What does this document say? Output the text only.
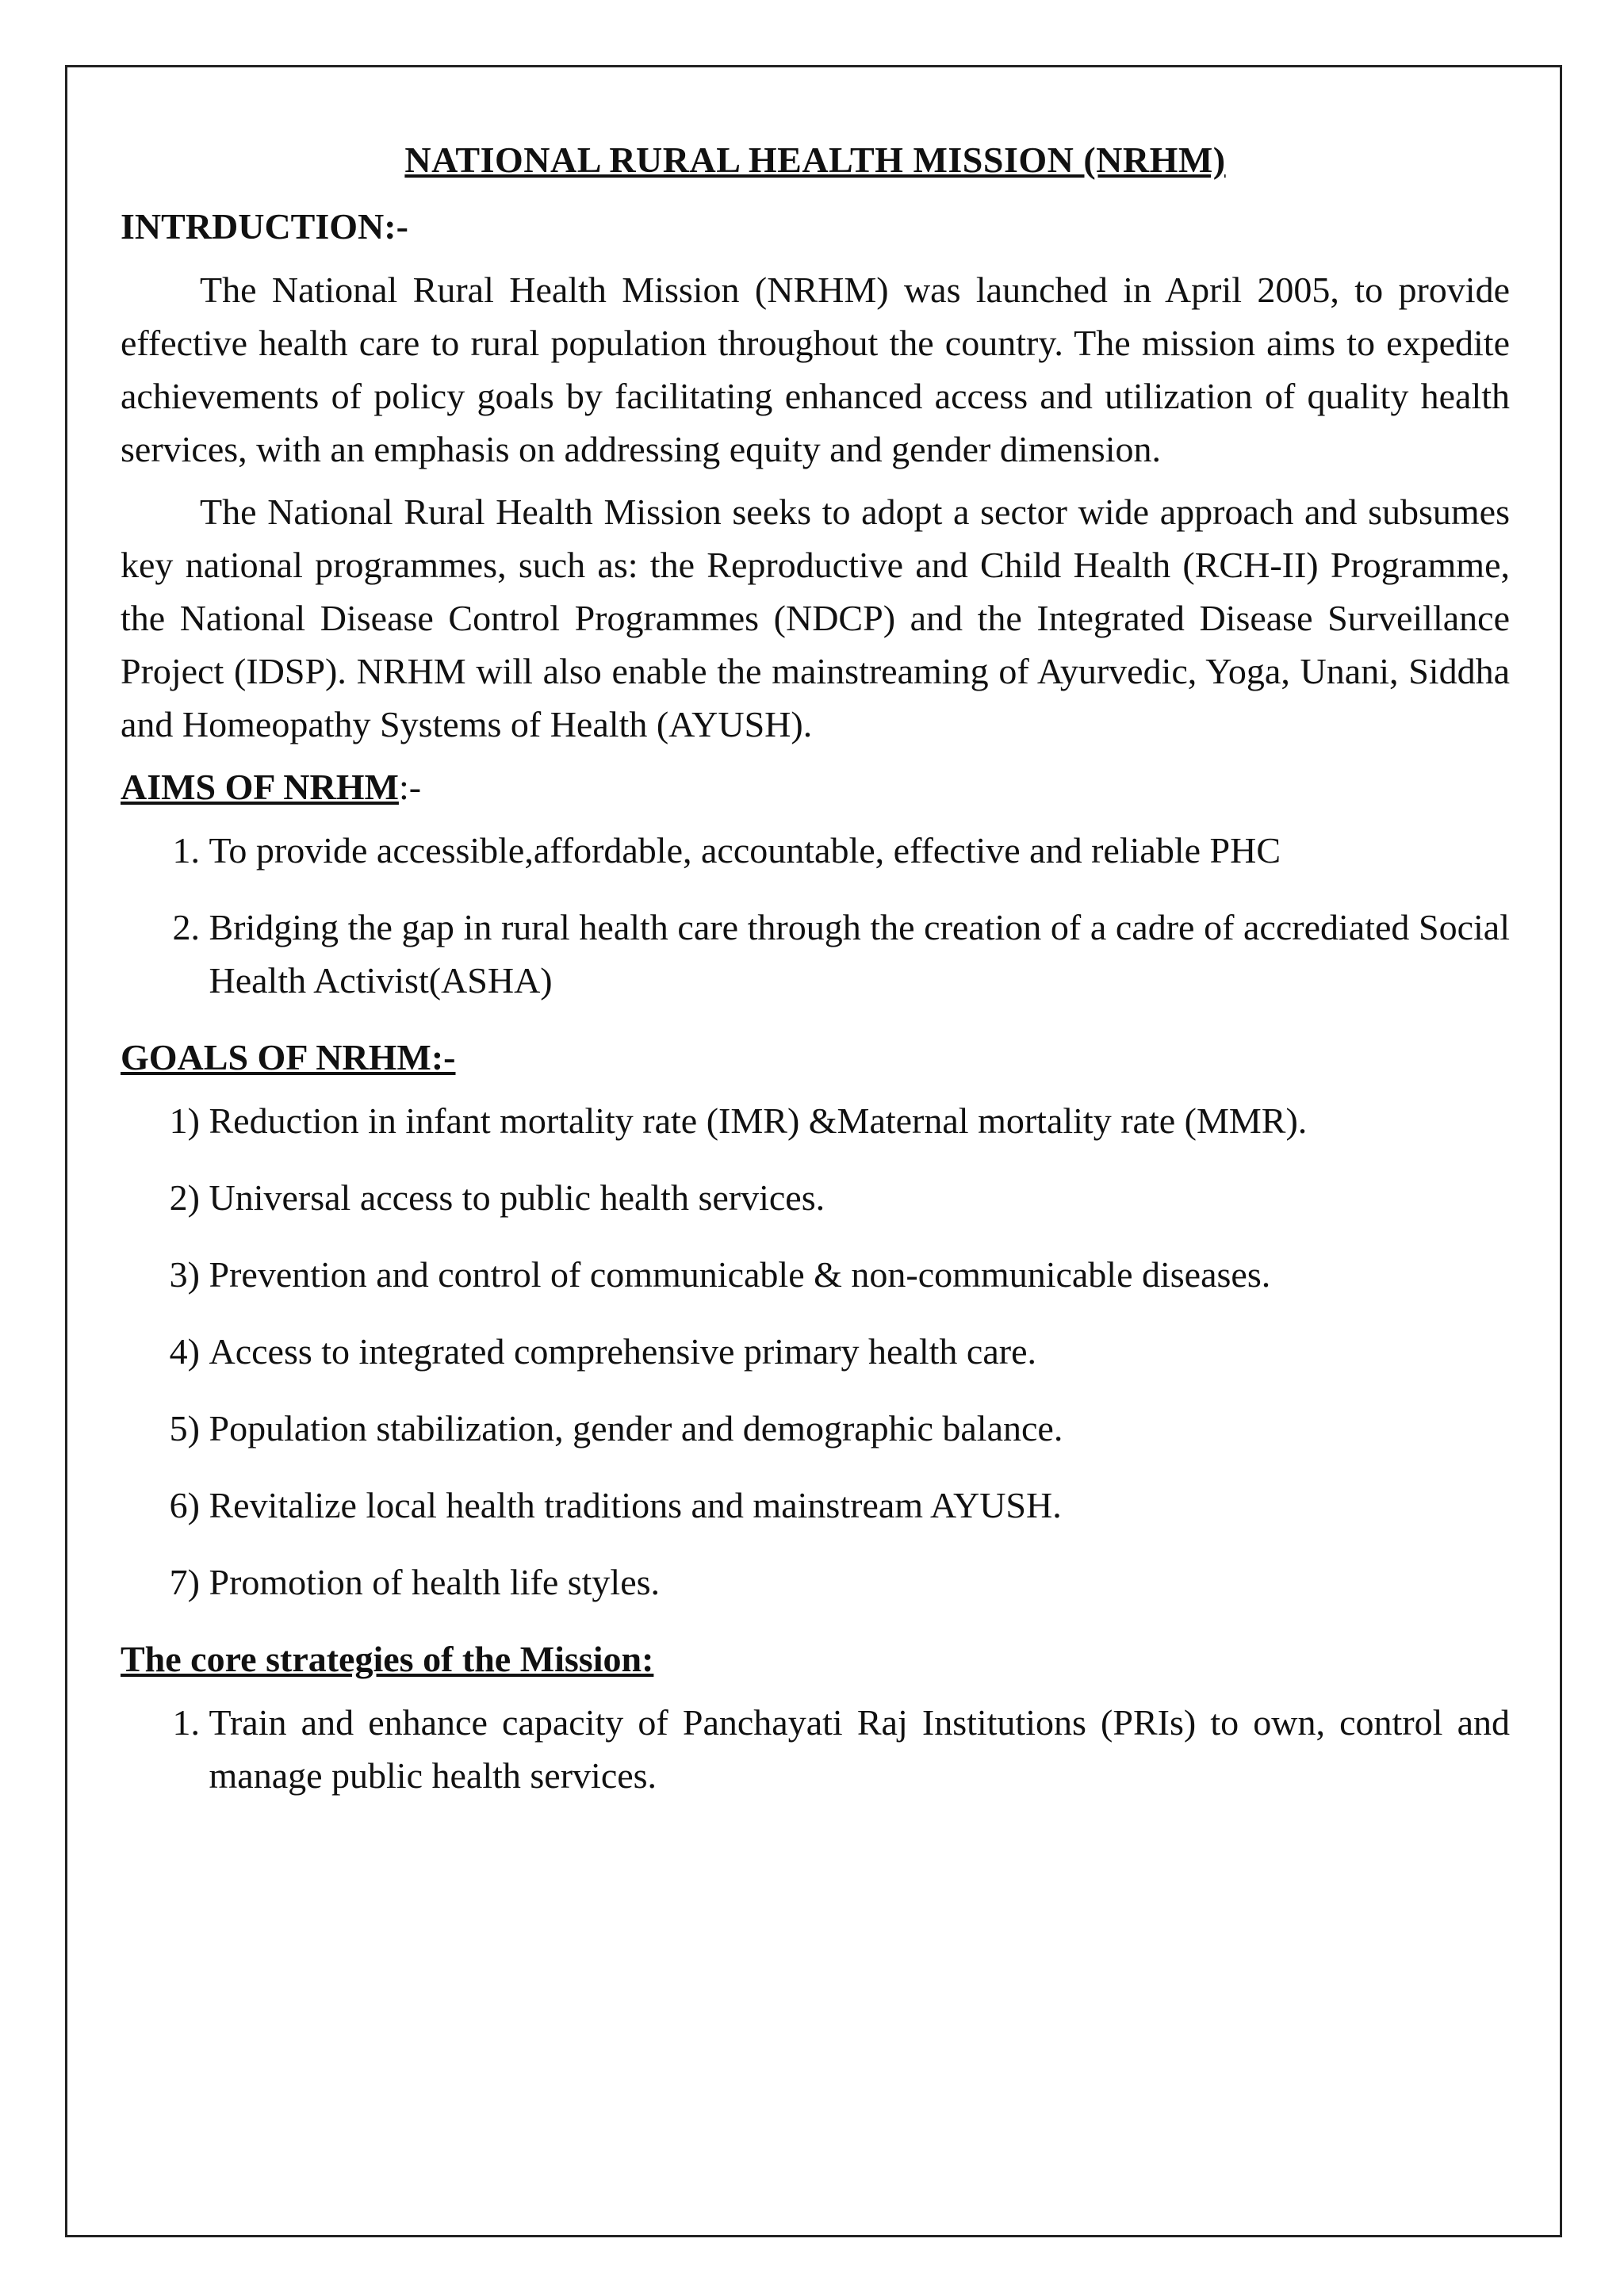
NATIONAL RURAL HEALTH MISSION (NRHM)
INTRDUCTION:-

The National Rural Health Mission (NRHM) was launched in April 2005, to provide effective health care to rural population throughout the country. The mission aims to expedite achievements of policy goals by facilitating enhanced access and utilization of quality health services, with an emphasis on addressing equity and gender dimension.

The National Rural Health Mission seeks to adopt a sector wide approach and subsumes key national programmes, such as: the Reproductive and Child Health (RCH-II) Programme, the National Disease Control Programmes (NDCP) and the Integrated Disease Surveillance Project (IDSP). NRHM will also enable the mainstreaming of Ayurvedic, Yoga, Unani, Siddha and Homeopathy Systems of Health (AYUSH).

AIMS OF NRHM:-
1.
To provide accessible,affordable, accountable, effective and reliable PHC
2.
Bridging the gap in rural health care through the creation of a cadre of accrediated Social Health Activist(ASHA)
GOALS OF NRHM:-
1)
Reduction in infant mortality rate (IMR) &Maternal mortality rate (MMR).
2)
Universal access to public health services.
3)
Prevention and control of communicable & non-communicable diseases.
4)
Access to integrated comprehensive primary health care.
5)
Population stabilization, gender and demographic balance.
6)
Revitalize local health traditions and mainstream AYUSH.
7)
Promotion of health life styles.
The core strategies of the Mission:
1.
Train and enhance capacity of Panchayati Raj Institutions (PRIs) to own, control and manage public health services.
